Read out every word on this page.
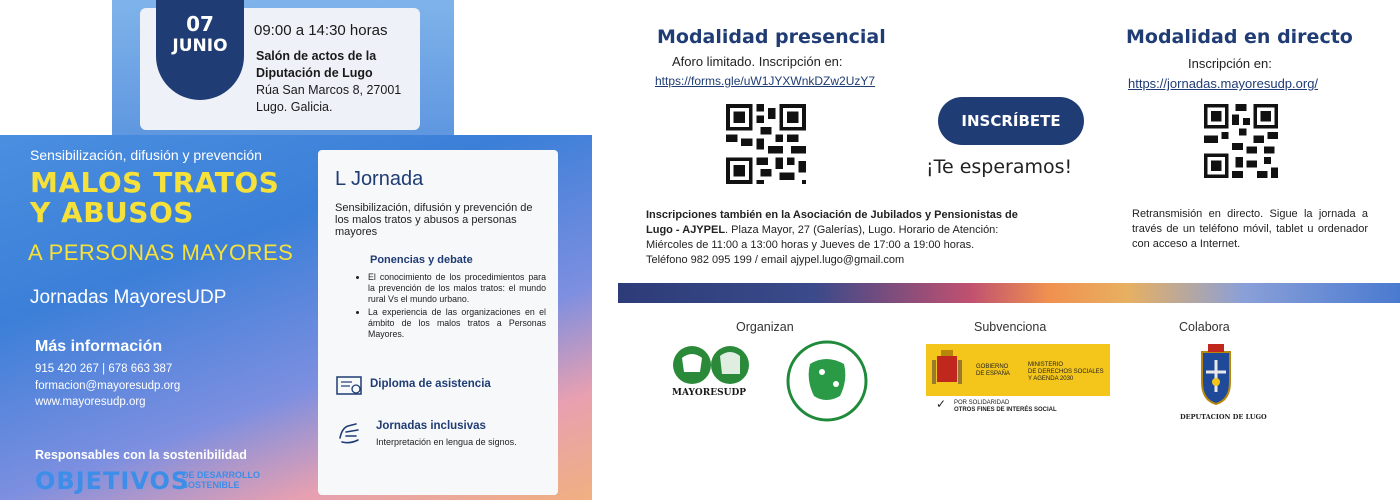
07
JUNIO
09:00 a 14:30 horas
Salón de actos de la
Diputación de Lugo
Rúa San Marcos 8, 27001
Lugo. Galicia.
Sensibilización, difusión y prevención
MALOS TRATOS
Y ABUSOS
A PERSONAS MAYORES
Jornadas MayoresUDP
Más información
915 420 267 | 678 663 387
formacion@mayoresudp.org
www.mayoresudp.org
Responsables con la sostenibilidad
OBJETIVOS
DE DESARROLLO
SOSTENIBLE
L Jornada
Sensibilización, difusión y prevención de los malos tratos y abusos a personas mayores
Ponencias y debate
• El conocimiento de los procedimientos para la prevención de los malos tratos: el mundo rural Vs el mundo urbano.
• La experiencia de las organizaciones en el ámbito de los malos tratos a Personas Mayores.
Diploma de asistencia
Jornadas inclusivas
Interpretación en lengua de signos.
Modalidad presencial
Aforo limitado. Inscripción en:
https://forms.gle/uW1JYXWnkDZw2UzY7
INSCRÍBETE
¡Te esperamos!
Modalidad en directo
Inscripción en:
https://jornadas.mayoresudp.org/
Inscripciones también en la Asociación de Jubilados y Pensionistas de Lugo - AJYPEL. Plaza Mayor, 27 (Galerías), Lugo. Horario de Atención:
Miércoles de 11:00 a 13:00 horas y Jueves de 17:00 a 19:00 horas.
Teléfono 982 095 199 / email ajypel.lugo@gmail.com
Retransmisión en directo. Sigue la jornada a través de un teléfono móvil, tablet u ordenador con acceso a Internet.
Organizan	Subvenciona	Colabora
MAYORESUDP
GOBIERNO
DE ESPAÑA
MINISTERIO
DE DERECHOS SOCIALES
Y AGENDA 2030
✓ POR SOLIDARIDAD
OTROS FINES DE INTERÉS SOCIAL
DEPUTACION DE LUGO
